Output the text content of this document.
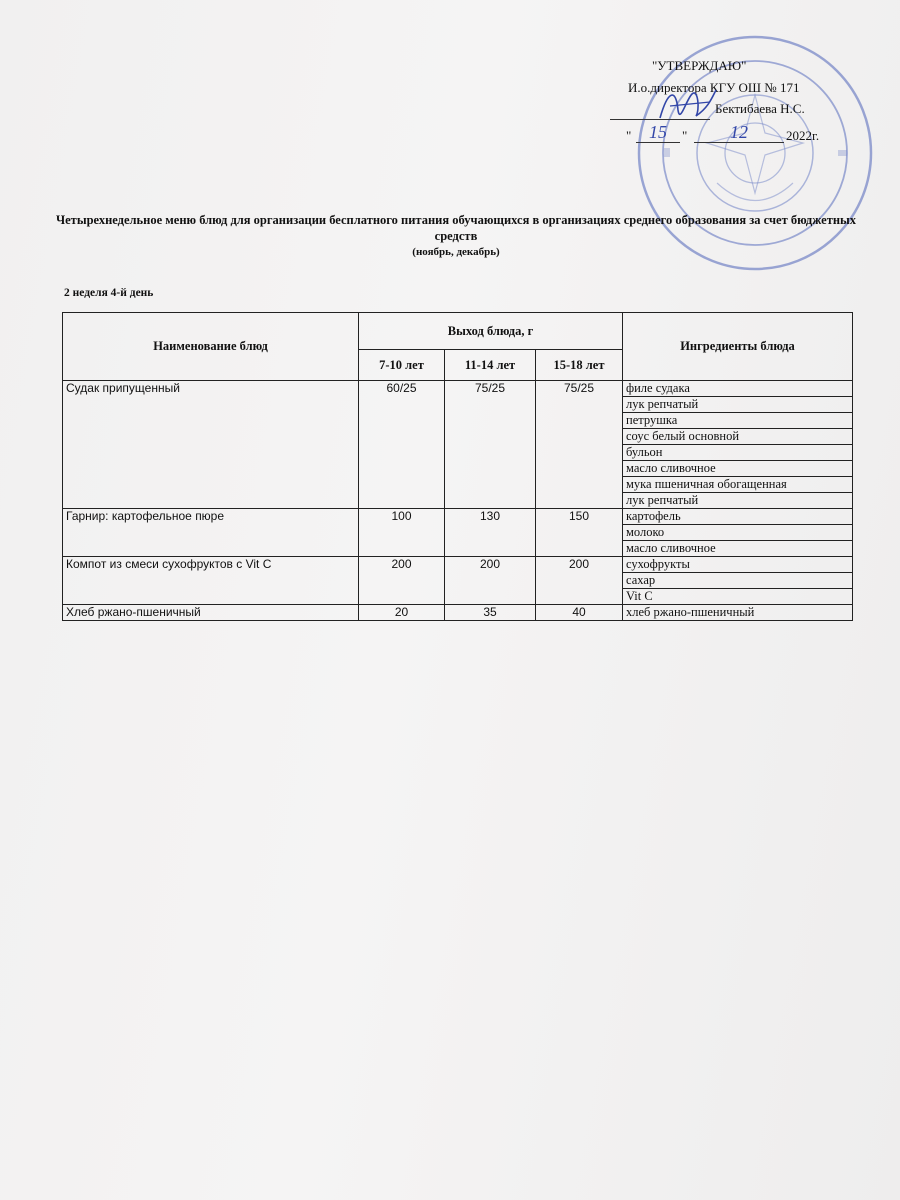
"УТВЕРЖДАЮ"
И.о.директора КГУ ОШ № 171
Бектибаева Н.С.
" 15	"	12	2022г.
Четырехнедельное меню блюд для организации бесплатного питания обучающихся в организациях среднего образования за счет бюджетных средств
(ноябрь, декабрь)
2 неделя 4-й день
Наименование блюд	Выход блюда, г			Ингредиенты блюда
	7-10 лет	11-14 лет	15-18 лет	
Судак припущенный	60/25	75/25	75/25	филе судака
				лук репчатый
				петрушка
				соус белый основной
				бульон
				масло сливочное
				мука пшеничная обогащенная
				лук репчатый
Гарнир: картофельное пюре	100	130	150	картофель
				молоко
				масло сливочное
Компот из смеси сухофруктов с Vit C	200	200	200	сухофрукты
				сахар
				Vit C
Хлеб ржано-пшеничный	20	35	40	хлеб ржано-пшеничный
